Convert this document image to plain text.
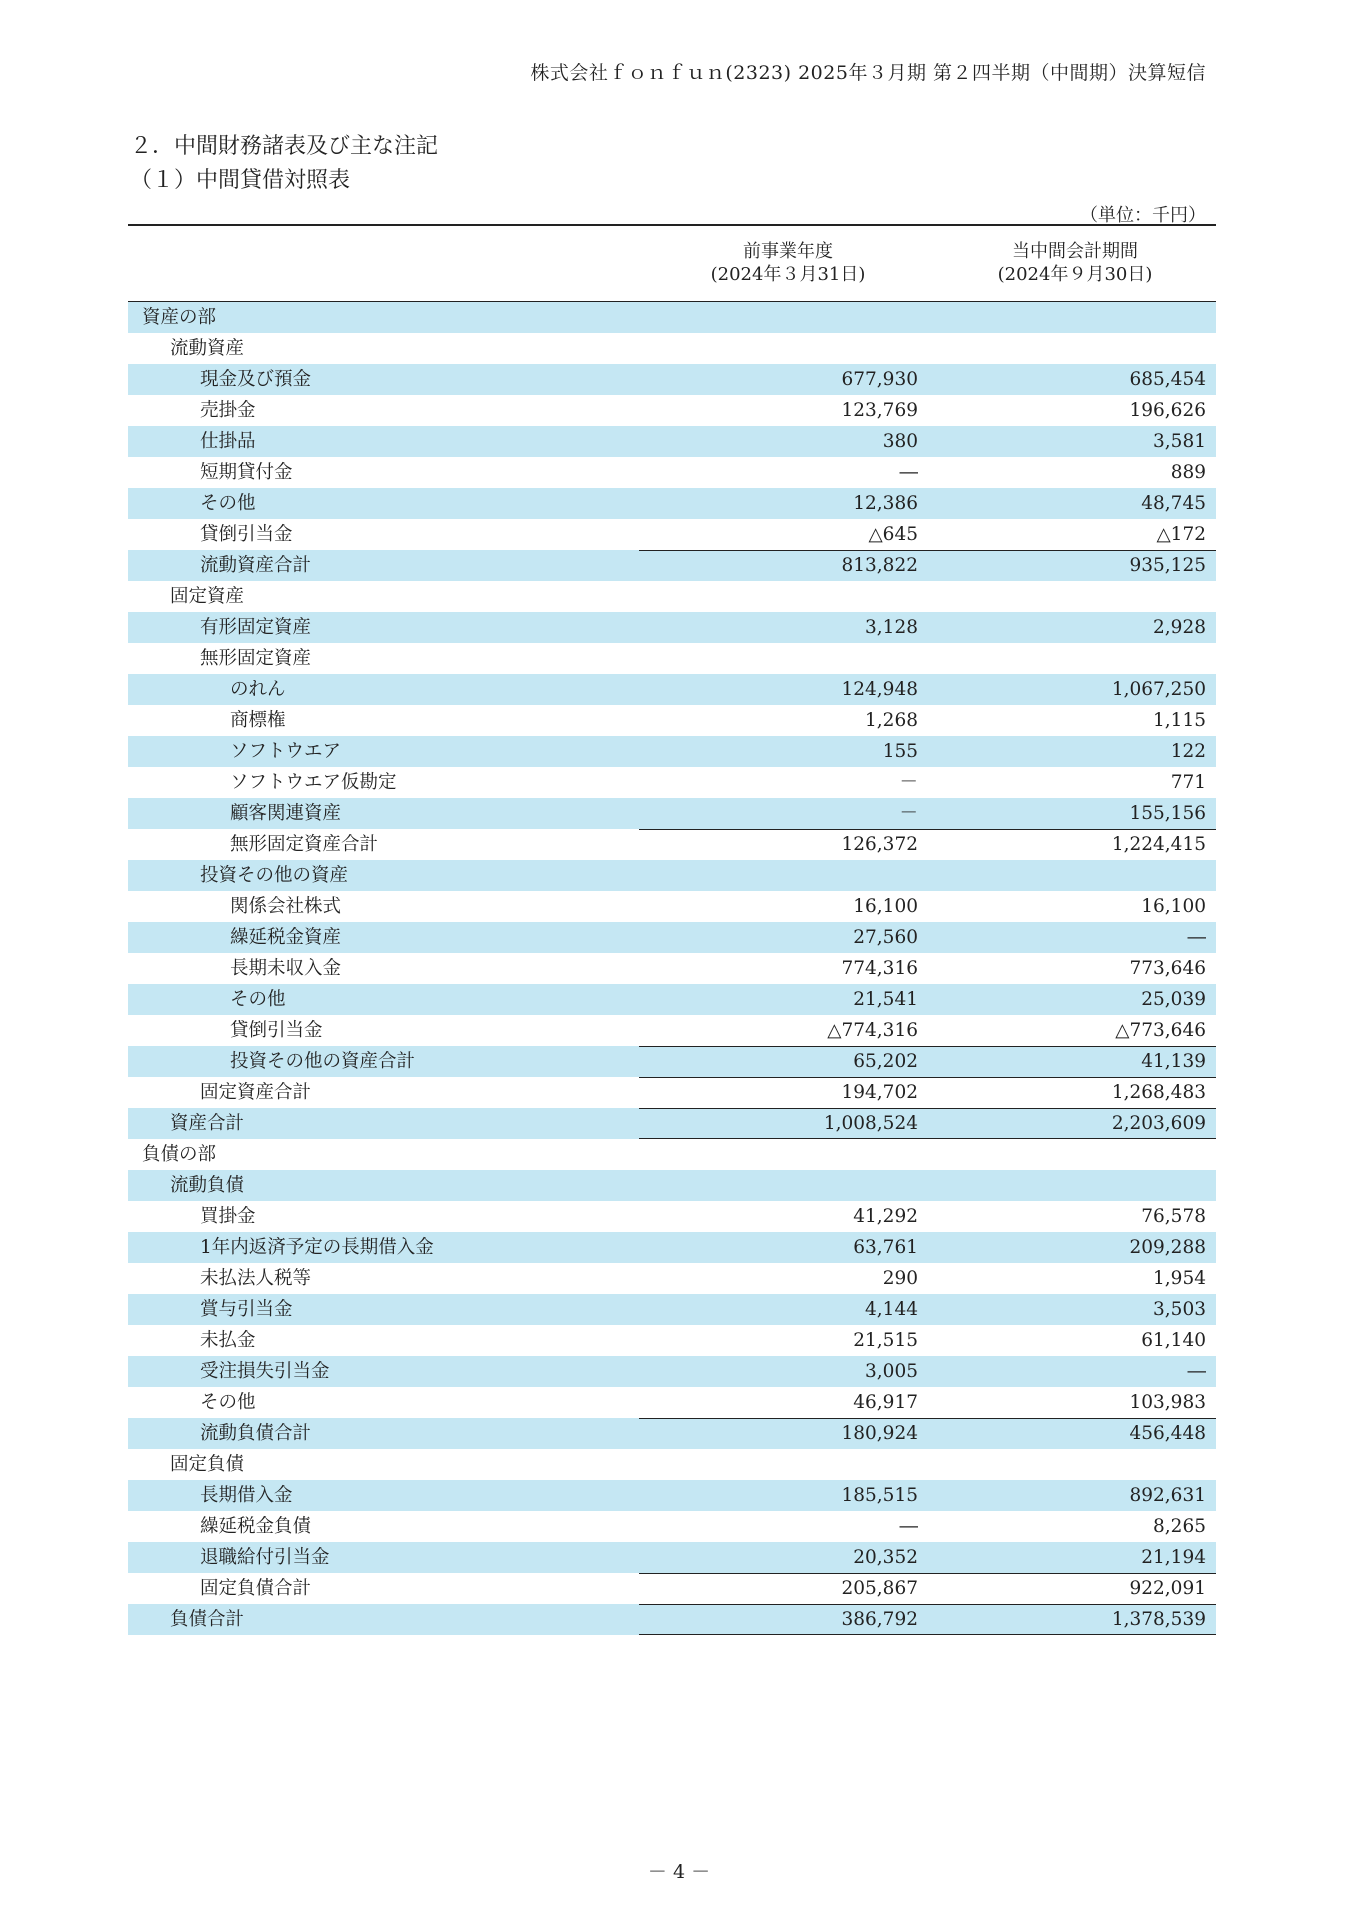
株式会社ｆｏｎｆｕｎ(2323) 2025年３月期 第２四半期（中間期）決算短信
２．中間財務諸表及び主な注記
（１）中間貸借対照表
（単位：千円）
前事業年度
(2024年３月31日)
当中間会計期間
(2024年９月30日)
資産の部
流動資産
現金及び預金	677,930	685,454
売掛金	123,769	196,626
仕掛品	380	3,581
短期貸付金	―	889
その他	12,386	48,745
貸倒引当金	△645	△172
流動資産合計	813,822	935,125
固定資産
有形固定資産	3,128	2,928
無形固定資産
のれん	124,948	1,067,250
商標権	1,268	1,115
ソフトウエア	155	122
ソフトウエア仮勘定	－	771
顧客関連資産	－	155,156
無形固定資産合計	126,372	1,224,415
投資その他の資産
関係会社株式	16,100	16,100
繰延税金資産	27,560	―
長期未収入金	774,316	773,646
その他	21,541	25,039
貸倒引当金	△774,316	△773,646
投資その他の資産合計	65,202	41,139
固定資産合計	194,702	1,268,483
資産合計	1,008,524	2,203,609
負債の部
流動負債
買掛金	41,292	76,578
1年内返済予定の長期借入金	63,761	209,288
未払法人税等	290	1,954
賞与引当金	4,144	3,503
未払金	21,515	61,140
受注損失引当金	3,005	―
その他	46,917	103,983
流動負債合計	180,924	456,448
固定負債
長期借入金	185,515	892,631
繰延税金負債	―	8,265
退職給付引当金	20,352	21,194
固定負債合計	205,867	922,091
負債合計	386,792	1,378,539
－ 4 －
